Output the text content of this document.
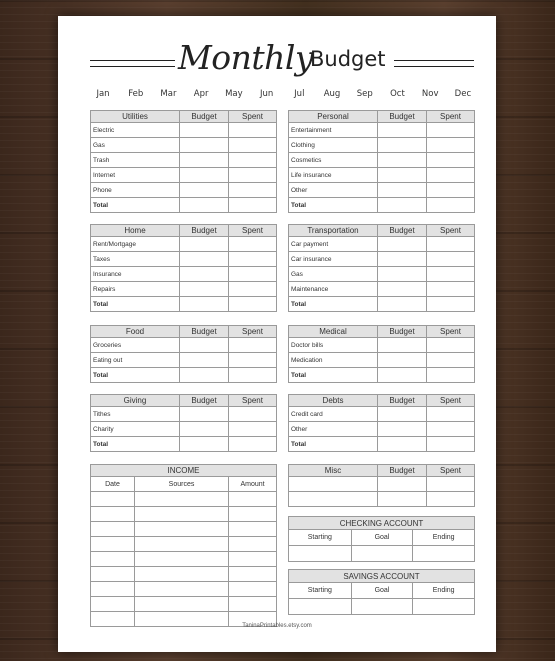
Monthly
Budget
Jan	Feb	Mar	Apr	May	Jun	Jul	Aug	Sep	Oct	Nov	Dec
Utilities	Budget	Spent
Electric
Gas
Trash
Internet
Phone
Total
Personal	Budget	Spent
Entertainment
Clothing
Cosmetics
Life insurance
Other
Total
Home	Budget	Spent
Rent/Mortgage
Taxes
Insurance
Repairs
Total
Transportation	Budget	Spent
Car payment
Car insurance
Gas
Maintenance
Total
Food	Budget	Spent
Groceries
Eating out
Total
Medical	Budget	Spent
Doctor bills
Medication
Total
Giving	Budget	Spent
Tithes
Charity
Total
Debts	Budget	Spent
Credit card
Other
Total
Misc	Budget	Spent
INCOME
Date	Sources	Amount
CHECKING ACCOUNT
Starting	Goal	Ending
SAVINGS ACCOUNT
Starting	Goal	Ending
TaninaPrintables.etsy.com
